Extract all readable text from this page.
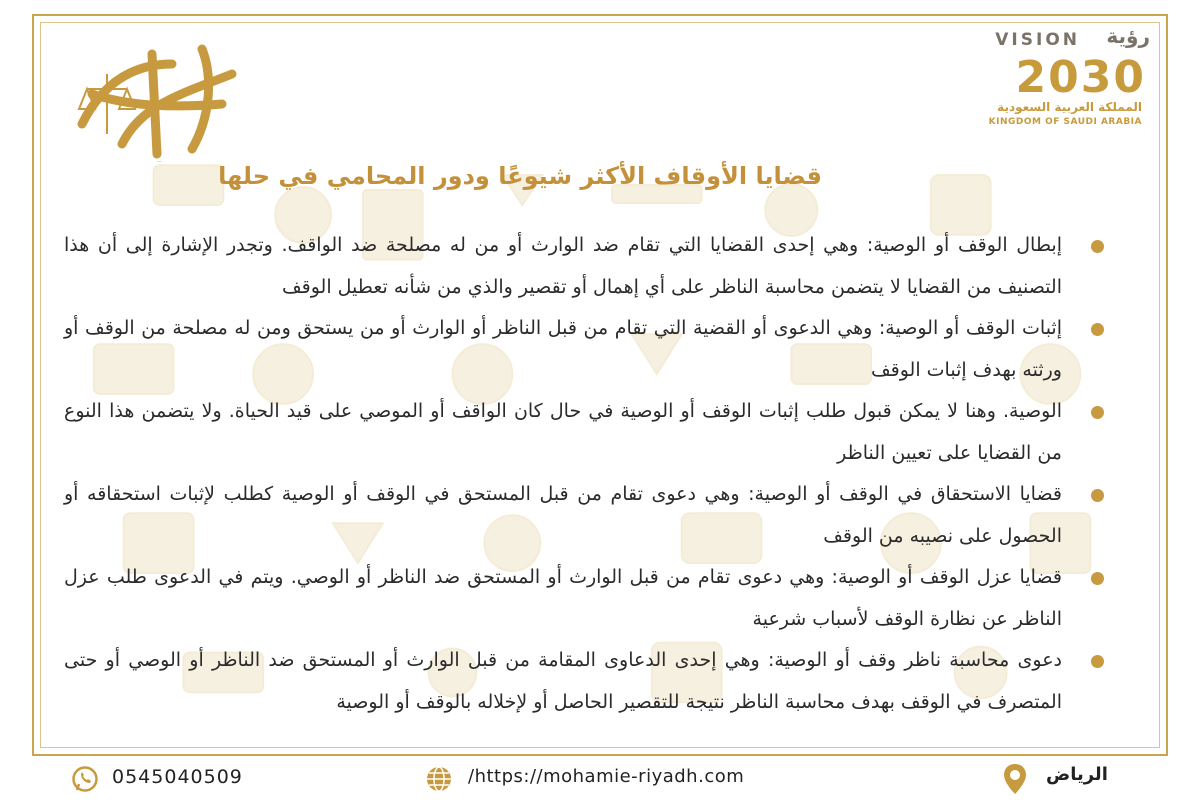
محمد
VISION رؤية
2030
المملكة العربية السعودية
KINGDOM OF SAUDI ARABIA
قضايا الأوقاف الأكثر شيوعًا ودور المحامي في حلها
إبطال الوقف أو الوصية: وهي إحدى القضايا التي تقام ضد الوارث أو من له مصلحة ضد الواقف. وتجدر الإشارة إلى أن هذا التصنيف من القضايا لا يتضمن محاسبة الناظر على أي إهمال أو تقصير والذي من شأنه تعطيل الوقف
إثبات الوقف أو الوصية: وهي الدعوى أو القضية التي تقام من قبل الناظر أو الوارث أو من يستحق ومن له مصلحة من الوقف أو ورثته بهدف إثبات الوقف
الوصية. وهنا لا يمكن قبول طلب إثبات الوقف أو الوصية في حال كان الواقف أو الموصي على قيد الحياة. ولا يتضمن هذا النوع من القضايا على تعيين الناظر
قضايا الاستحقاق في الوقف أو الوصية: وهي دعوى تقام من قبل المستحق في الوقف أو الوصية كطلب لإثبات استحقاقه أو الحصول على نصيبه من الوقف
قضايا عزل الوقف أو الوصية: وهي دعوى تقام من قبل الوارث أو المستحق ضد الناظر أو الوصي. ويتم في الدعوى طلب عزل الناظر عن نظارة الوقف لأسباب شرعية
دعوى محاسبة ناظر وقف أو الوصية: وهي إحدى الدعاوى المقامة من قبل الوارث أو المستحق ضد الناظر أو الوصي أو حتى المتصرف في الوقف بهدف محاسبة الناظر نتيجة للتقصير الحاصل أو لإخلاله بالوقف أو الوصية
0545040509	/https://mohamie-riyadh.com	الرياض
